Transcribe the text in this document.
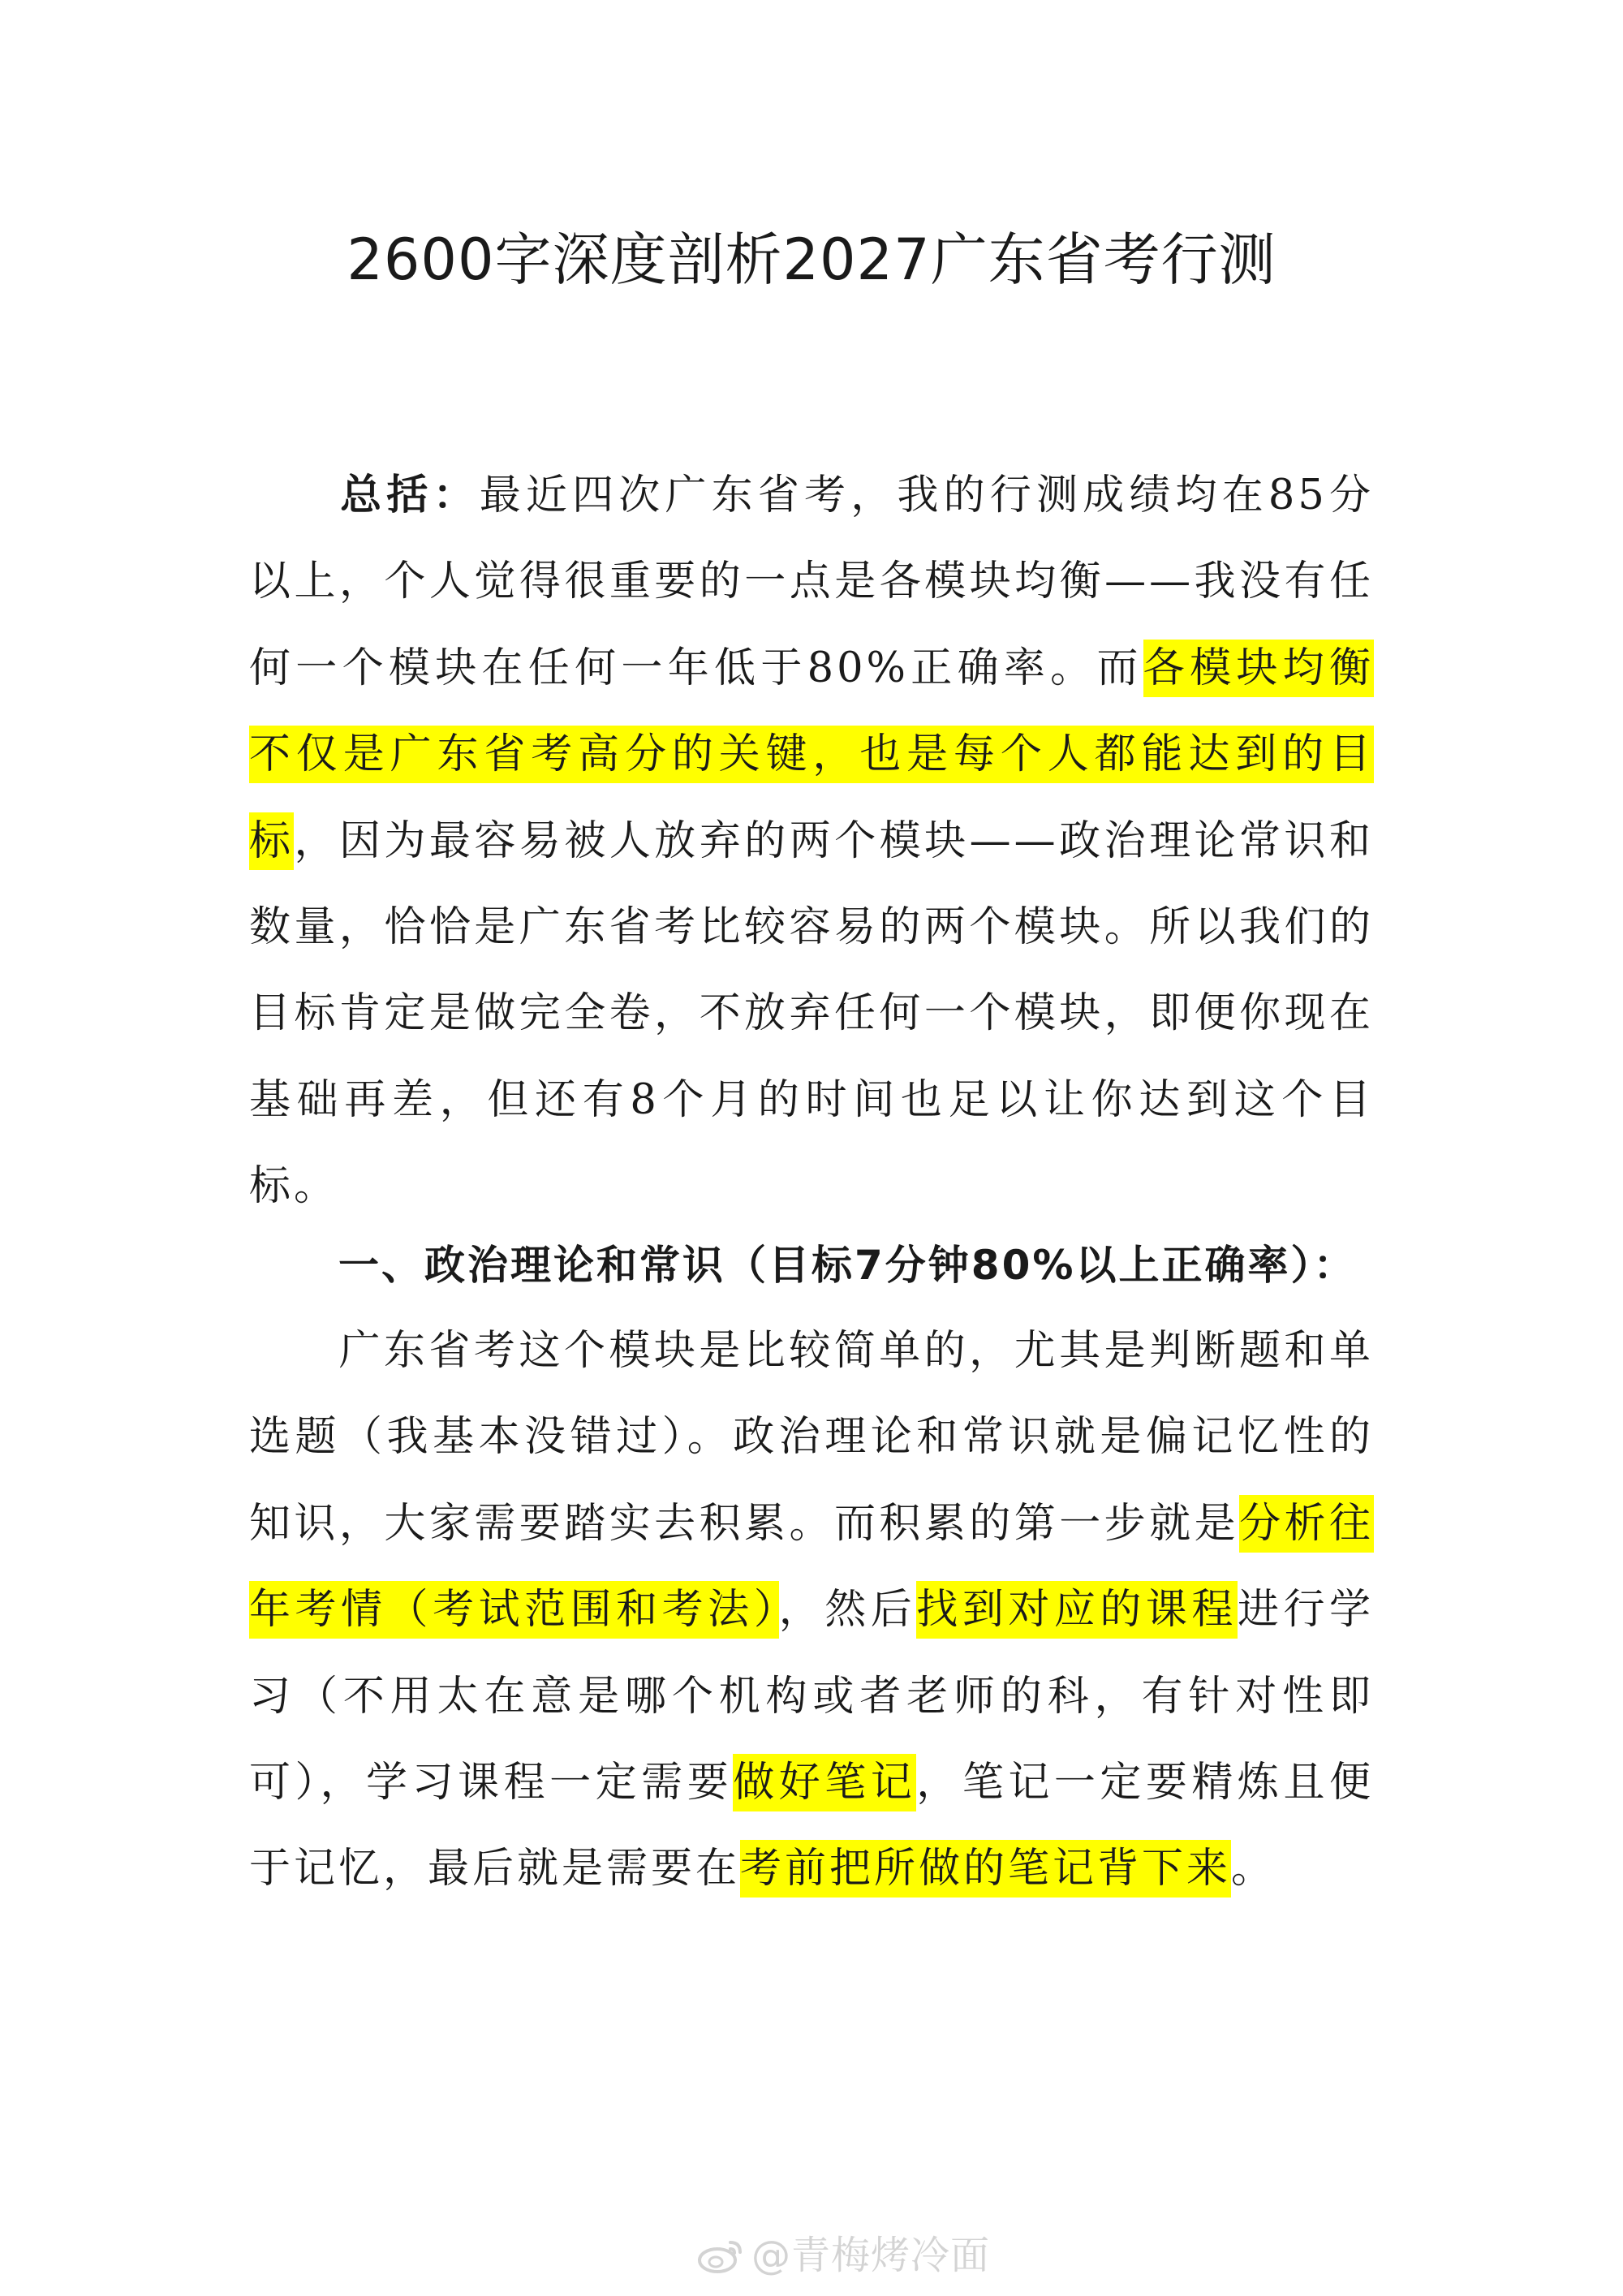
2600字深度剖析2027广东省考行测

总括：最近四次广东省考，我的行测成绩均在85分以上，个人觉得很重要的一点是各模块均衡——我没有任何一个模块在任何一年低于80%正确率。而各模块均衡不仅是广东省考高分的关键，也是每个人都能达到的目标，因为最容易被人放弃的两个模块——政治理论常识和数量，恰恰是广东省考比较容易的两个模块。所以我们的目标肯定是做完全卷，不放弃任何一个模块，即便你现在基础再差，但还有8个月的时间也足以让你达到这个目标。

一、政治理论和常识（目标7分钟80%以上正确率）：

广东省考这个模块是比较简单的，尤其是判断题和单选题（我基本没错过）。政治理论和常识就是偏记忆性的知识，大家需要踏实去积累。而积累的第一步就是分析往年考情（考试范围和考法），然后找到对应的课程进行学习（不用太在意是哪个机构或者老师的科，有针对性即可），学习课程一定需要做好笔记，笔记一定要精炼且便于记忆，最后就是需要在考前把所做的笔记背下来。

@青梅烤冷面
